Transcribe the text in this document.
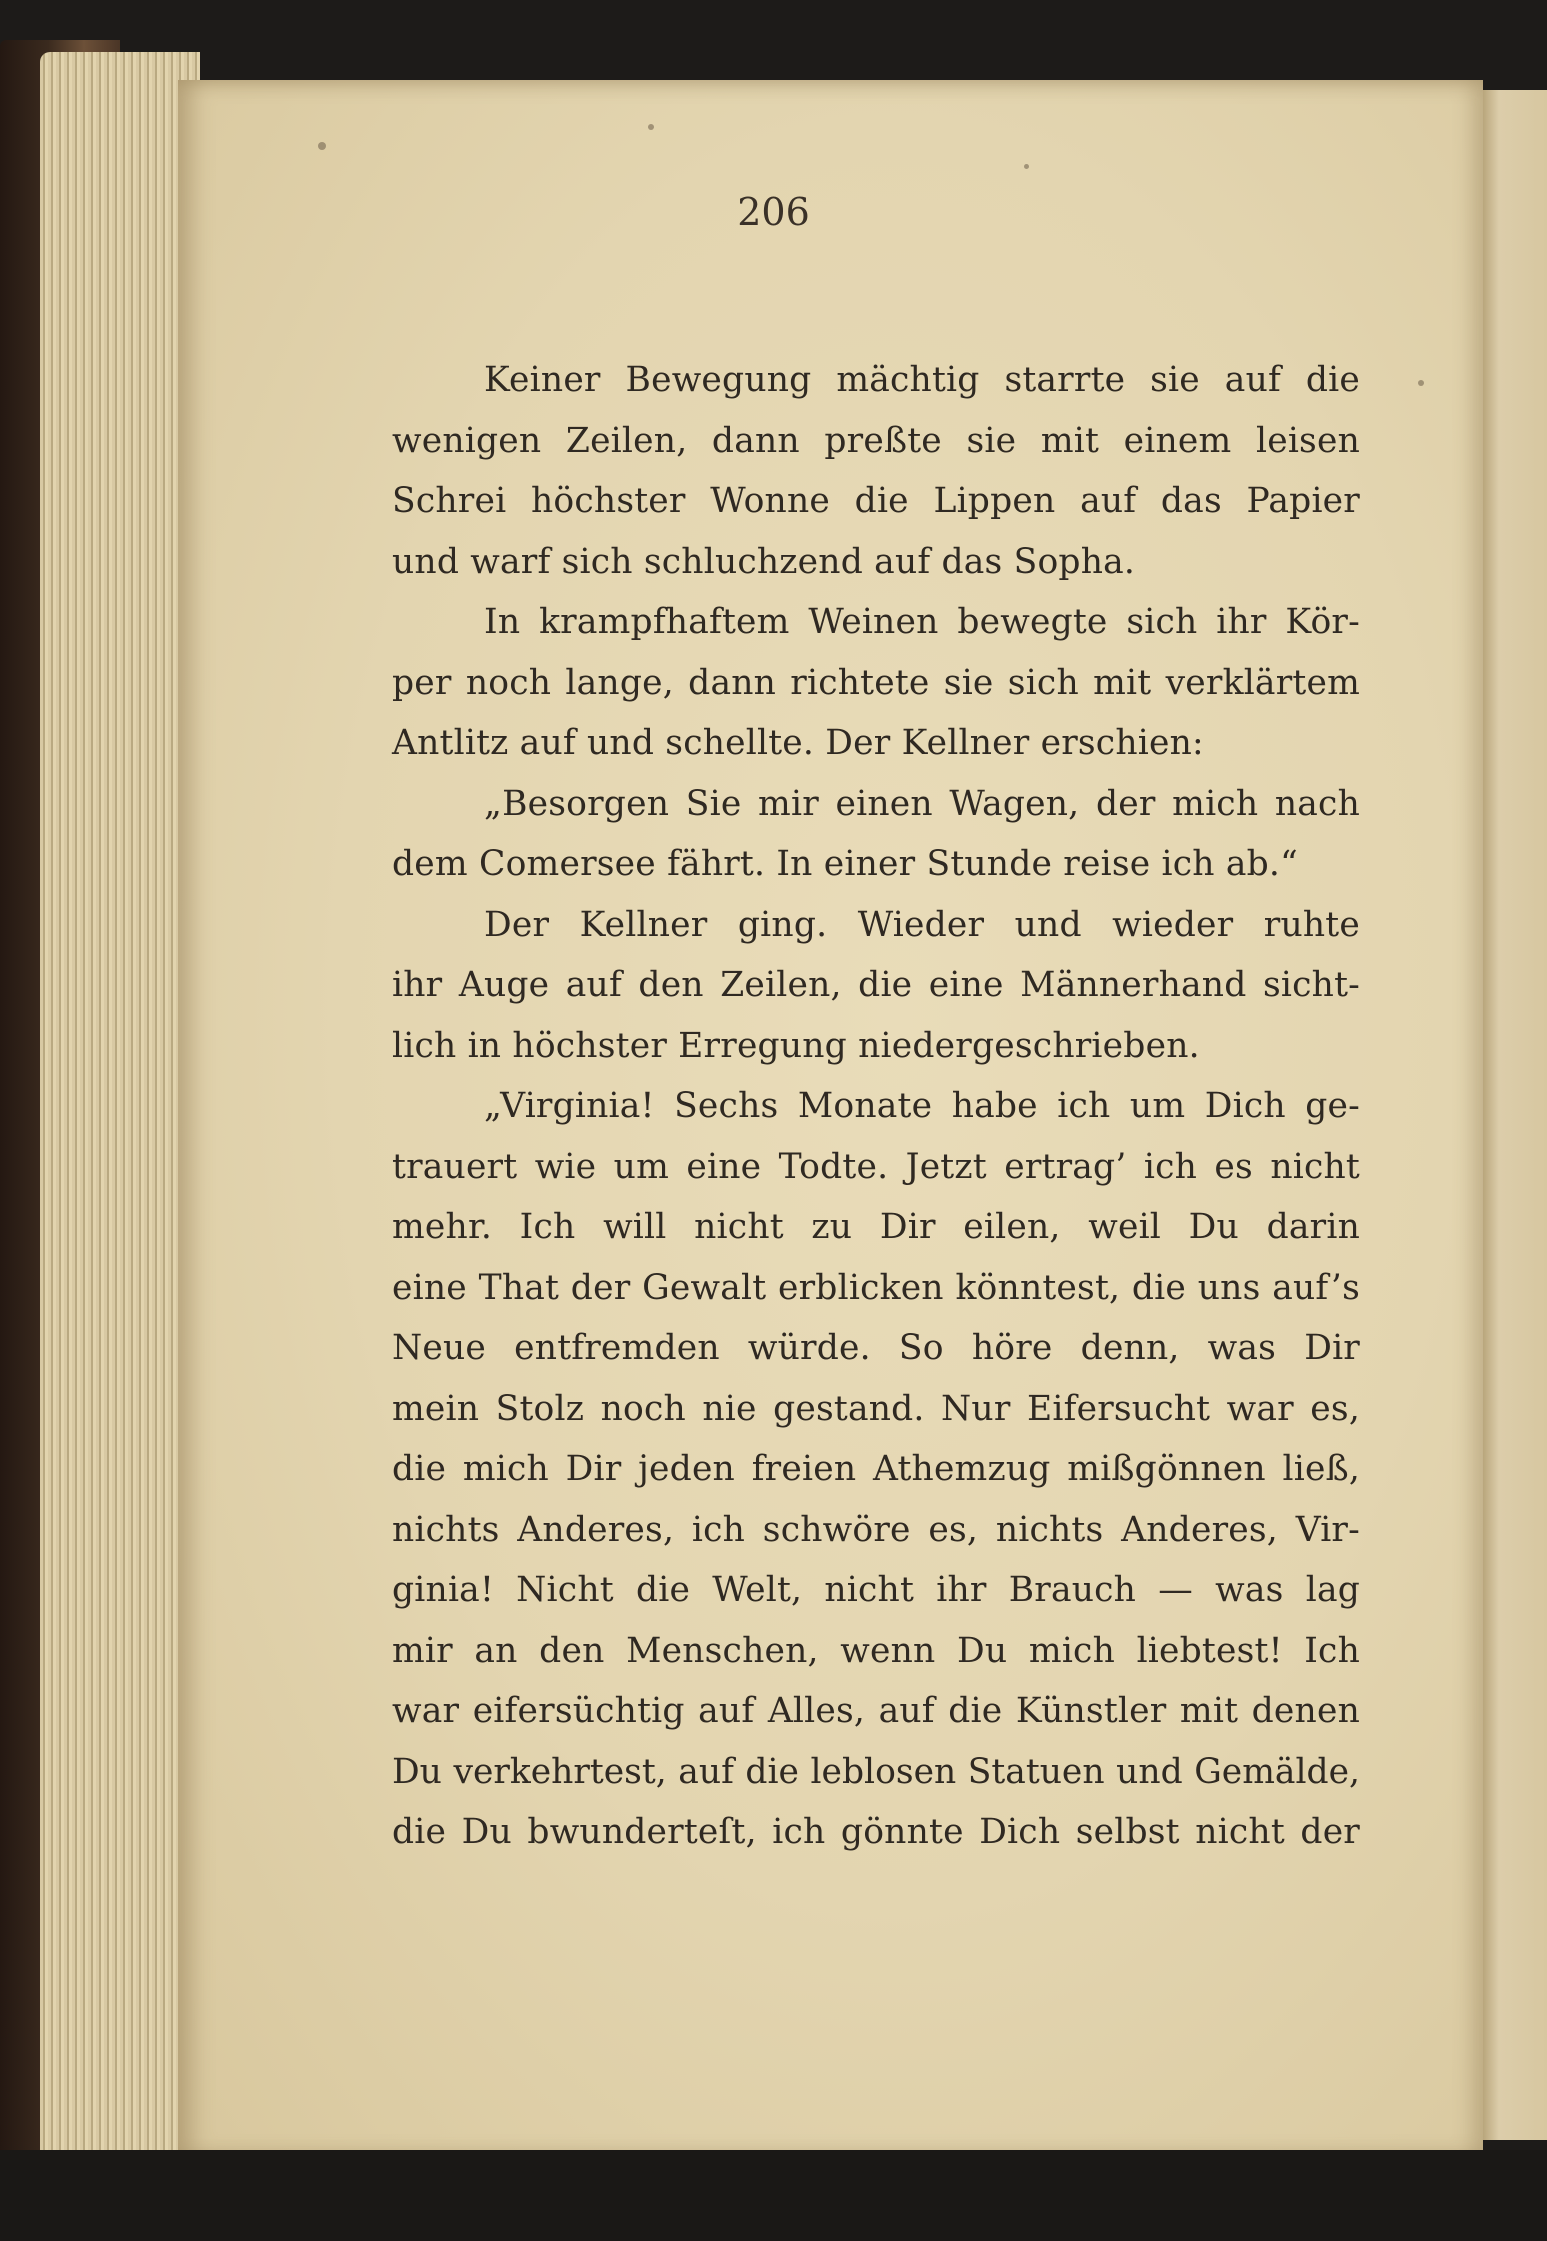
206
Keiner Bewegung mächtig starrte sie auf die
wenigen Zeilen, dann preßte sie mit einem leisen
Schrei höchster Wonne die Lippen auf das Papier
und warf sich schluchzend auf das Sopha.
In krampfhaftem Weinen bewegte sich ihr Kör-
per noch lange, dann richtete sie sich mit verklärtem
Antlitz auf und schellte. Der Kellner erschien:
„Besorgen Sie mir einen Wagen, der mich nach
dem Comersee fährt. In einer Stunde reise ich ab.“
Der Kellner ging. Wieder und wieder ruhte
ihr Auge auf den Zeilen, die eine Männerhand sicht-
lich in höchster Erregung niedergeschrieben.
„Virginia! Sechs Monate habe ich um Dich ge-
trauert wie um eine Todte. Jetzt ertrag’ ich es nicht
mehr. Ich will nicht zu Dir eilen, weil Du darin
eine That der Gewalt erblicken könntest, die uns auf’s
Neue entfremden würde. So höre denn, was Dir
mein Stolz noch nie gestand. Nur Eifersucht war es,
die mich Dir jeden freien Athemzug mißgönnen ließ,
nichts Anderes, ich schwöre es, nichts Anderes, Vir-
ginia! Nicht die Welt, nicht ihr Brauch — was lag
mir an den Menschen, wenn Du mich liebtest! Ich
war eifersüchtig auf Alles, auf die Künstler mit denen
Du verkehrtest, auf die leblosen Statuen und Gemälde,
die Du bwunderteſt, ich gönnte Dich selbst nicht der
